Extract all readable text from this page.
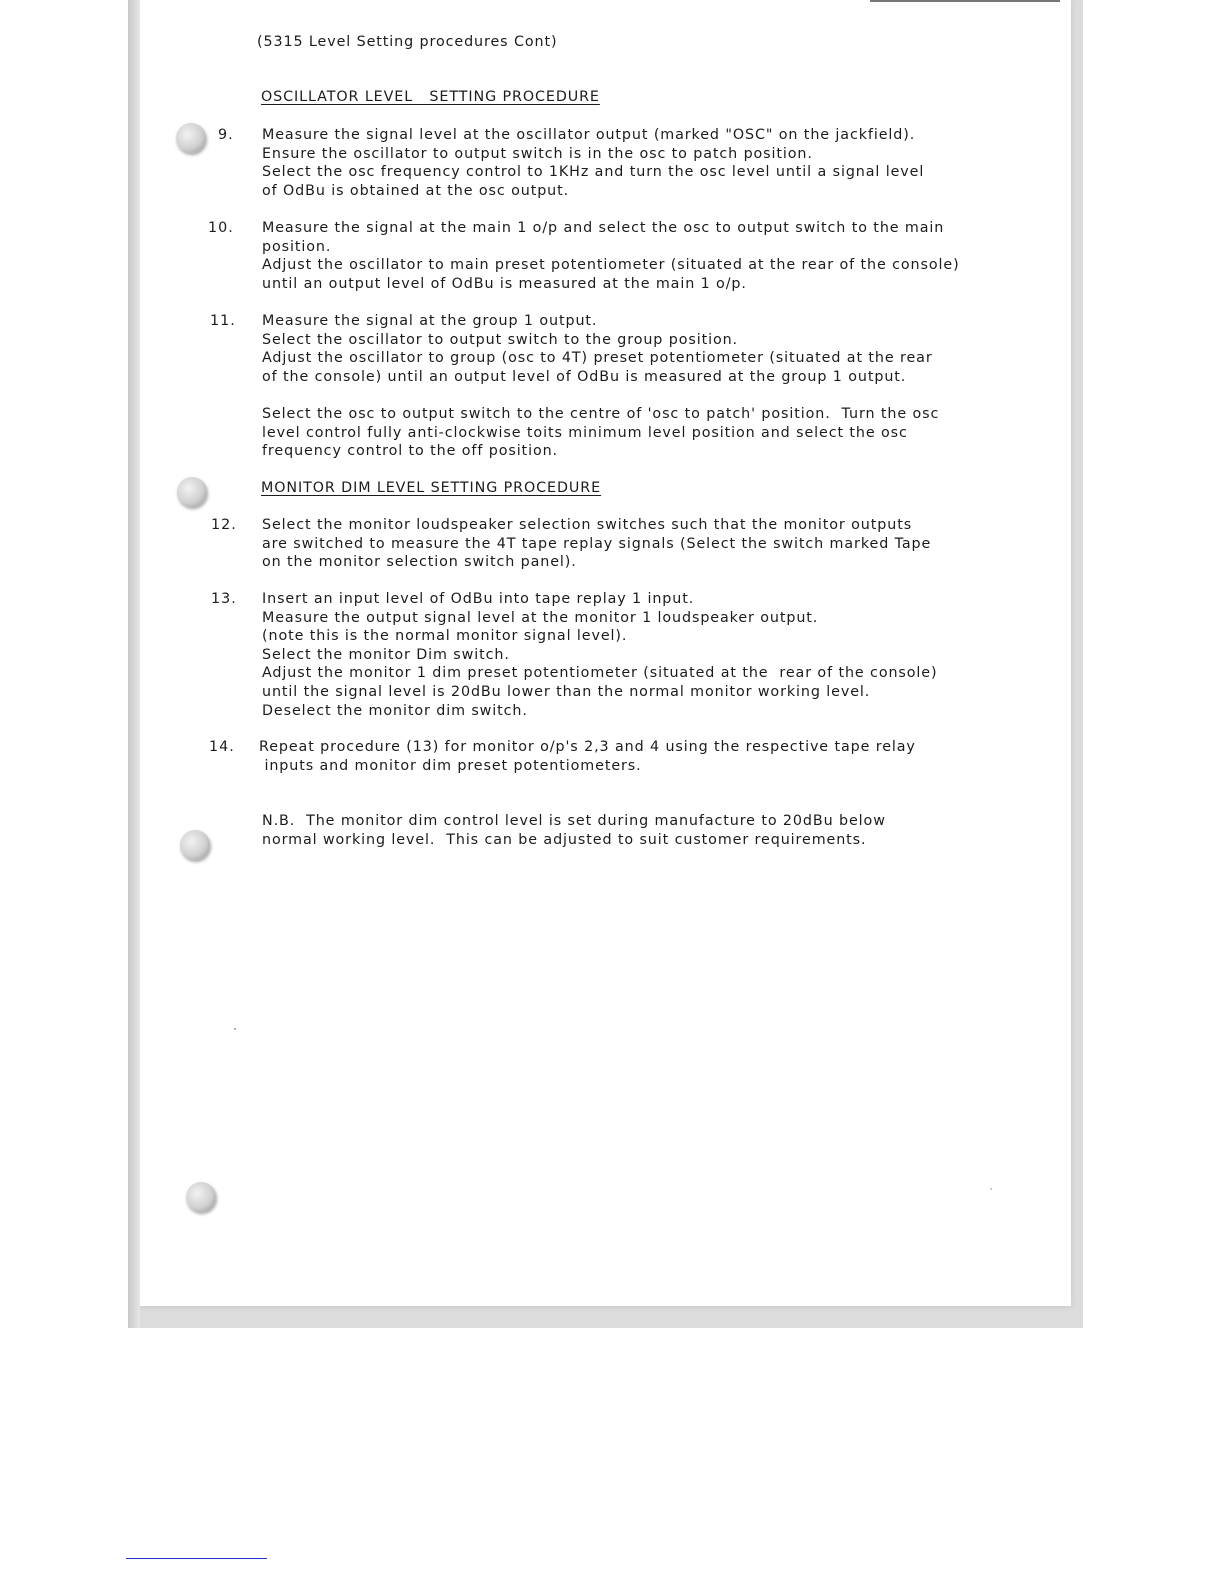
(5315 Level Setting procedures Cont)
OSCILLATOR LEVEL   SETTING PROCEDURE
9. Measure the signal level at the oscillator output (marked "OSC" on the jackfield).
Ensure the oscillator to output switch is in the osc to patch position.
Select the osc frequency control to 1KHz and turn the osc level until a signal level
of OdBu is obtained at the osc output.
10. Measure the signal at the main 1 o/p and select the osc to output switch to the main
position.
Adjust the oscillator to main preset potentiometer (situated at the rear of the console)
until an output level of OdBu is measured at the main 1 o/p.
11. Measure the signal at the group 1 output.
Select the oscillator to output switch to the group position.
Adjust the oscillator to group (osc to 4T) preset potentiometer (situated at the rear
of the console) until an output level of OdBu is measured at the group 1 output.
Select the osc to output switch to the centre of 'osc to patch' position.  Turn the osc
level control fully anti-clockwise toits minimum level position and select the osc
frequency control to the off position.
MONITOR DIM LEVEL SETTING PROCEDURE
12. Select the monitor loudspeaker selection switches such that the monitor outputs
are switched to measure the 4T tape replay signals (Select the switch marked Tape
on the monitor selection switch panel).
13. Insert an input level of OdBu into tape replay 1 input.
Measure the output signal level at the monitor 1 loudspeaker output.
(note this is the normal monitor signal level).
Select the monitor Dim switch.
Adjust the monitor 1 dim preset potentiometer (situated at the  rear of the console)
until the signal level is 20dBu lower than the normal monitor working level.
Deselect the monitor dim switch.
14. Repeat procedure (13) for monitor o/p's 2,3 and 4 using the respective tape relay
inputs and monitor dim preset potentiometers.
N.B.  The monitor dim control level is set during manufacture to 20dBu below
normal working level.  This can be adjusted to suit customer requirements.
